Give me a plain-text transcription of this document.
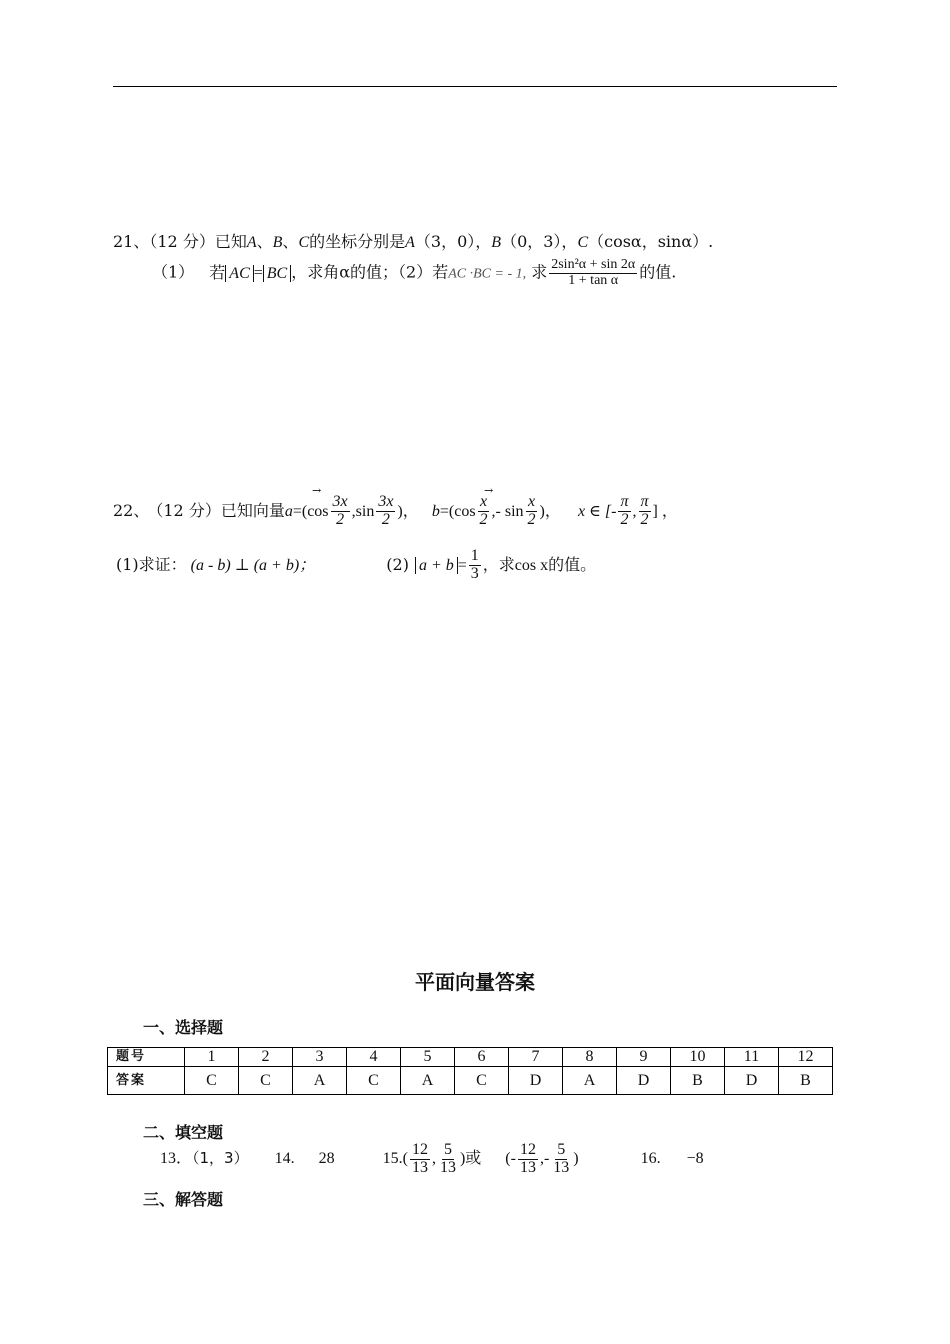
21、（12 分）已知A、B、C的坐标分别是A（3，0），B（0，3），C（cosα，sinα）.
（1） 若 AC = BC ，求角α的值；（2）若AC ·BC = - 1, 求 $\frac{\text{2sin²α + sin 2α}}{\text{1 + tan α}}$ 的值.
→	→
22、 （12 分）已知向量$a=(\cos \frac{3x}{2} ,\sin \frac{3x}{2}$ )， $b=(\cos \frac{x}{2}$ ,- $\sin \frac{x}{2}$ )， x ∈ [- $\frac{\pi}{2}$ , $\frac{\pi}{2}$ ] ，
(1)求证： (a - b) ⊥ (a + b)；	(2) $a + b = \frac{1}{3}$ ，求cos x的值。
平面向量答案
一、选择题
题号	1	2	3	4	5	6	7	8	9	10	11	12
答案	C	C	A	C	A	C	D	A	D	B	D	B
二、填空题
13．（1，3） 14. 28	$15.( \frac{12}{13}$ , $\frac{5}{13}$ )或 (- $\frac{12}{13}$ ,- $\frac{5}{13}$ )	16. −8
三、解答题
